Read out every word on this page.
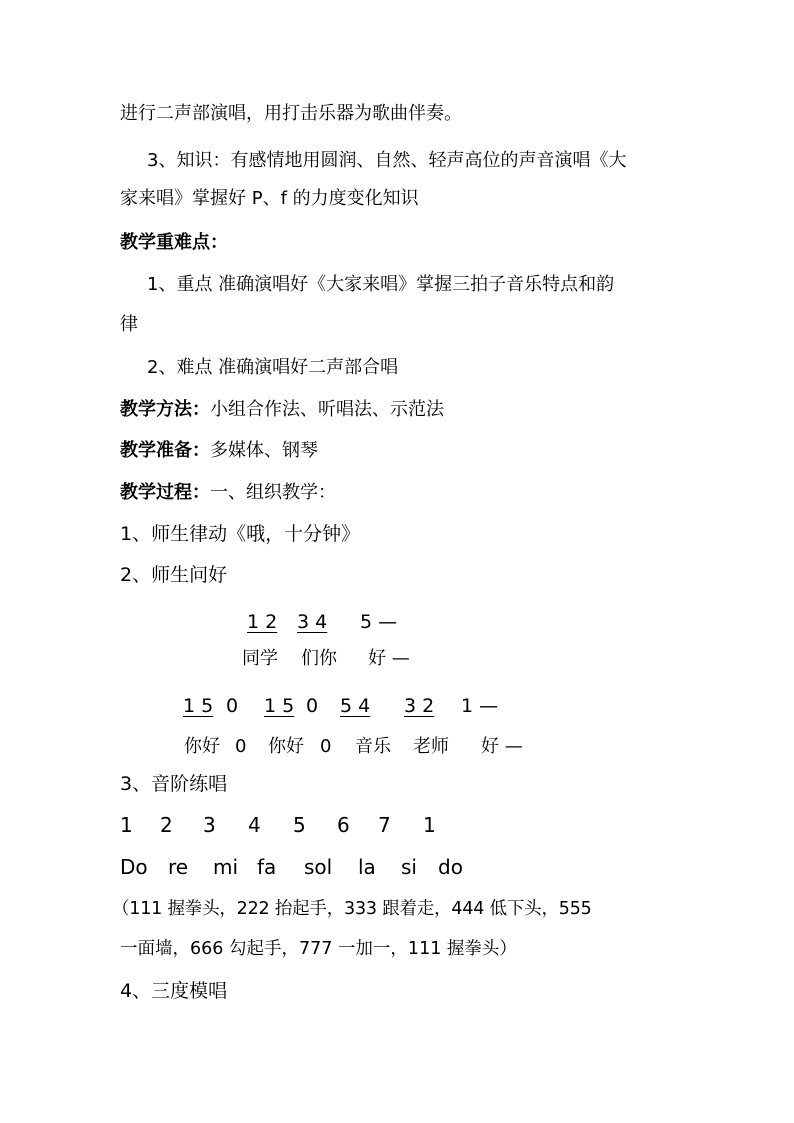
进行二声部演唱，用打击乐器为歌曲伴奏。
3、知识：有感情地用圆润、自然、轻声高位的声音演唱《大
家来唱》掌握好 P、f 的力度变化知识
教学重难点：
1、重点 准确演唱好《大家来唱》掌握三拍子音乐特点和韵
律
2、难点 准确演唱好二声部合唱
教学方法：小组合作法、听唱法、示范法
教学准备：多媒体、钢琴
教学过程：一、组织教学：
1、师生律动《哦，十分钟》
2、师生问好
1 2 3 4 5 —
同学 们你 好 —
1 5 0 1 5 0 5 4 3 2 1 —
你好 0 你好 0 音乐 老师 好 —
3、音阶练唱
1 2 3 4 5 6 7 1
Do re mi fa sol la si do
（111 握拳头，222 抬起手，333 跟着走，444 低下头，555
一面墙，666 勾起手，777 一加一，111 握拳头）
4、三度模唱
